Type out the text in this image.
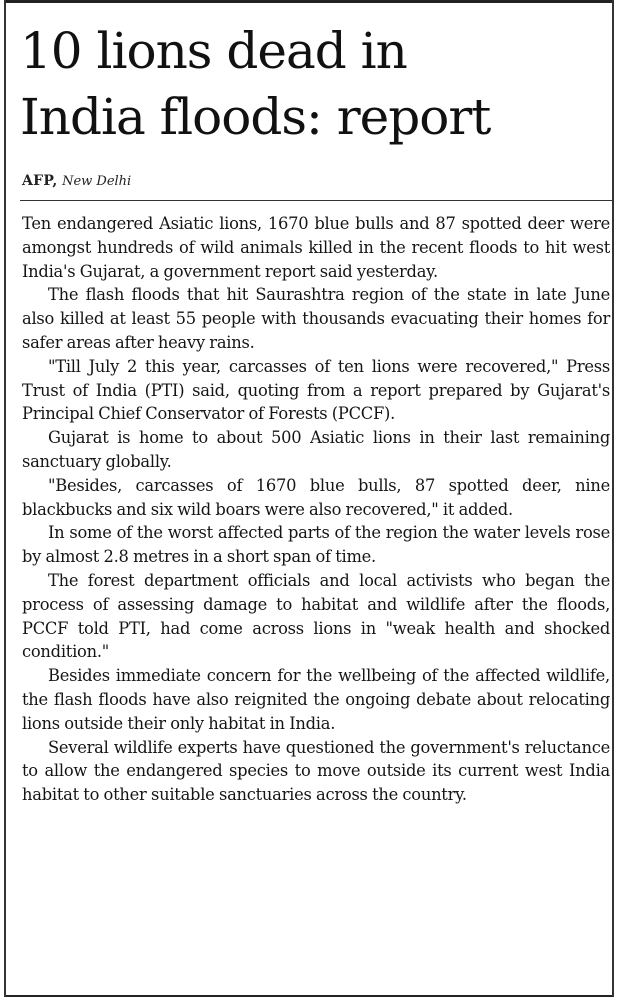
10 lions dead in
India floods: report
AFP, New Delhi

Ten endangered Asiatic lions, 1670 blue bulls and 87 spotted deer were amongst hundreds of wild animals killed in the recent floods to hit west India's Gujarat, a government report said yesterday.

The flash floods that hit Saurashtra region of the state in late June also killed at least 55 people with thousands evacuating their homes for safer areas after heavy rains.

"Till July 2 this year, carcasses of ten lions were recovered," Press Trust of India (PTI) said, quoting from a report prepared by Gujarat's Principal Chief Conservator of Forests (PCCF).

Gujarat is home to about 500 Asiatic lions in their last remaining sanctuary globally.

"Besides, carcasses of 1670 blue bulls, 87 spotted deer, nine blackbucks and six wild boars were also recovered," it added.

In some of the worst affected parts of the region the water levels rose by almost 2.8 metres in a short span of time.

The forest department officials and local activists who began the process of assessing damage to habitat and wildlife after the floods, PCCF told PTI, had come across lions in "weak health and shocked condition."

Besides immediate concern for the wellbeing of the affected wildlife, the flash floods have also reignited the ongoing debate about relocating lions outside their only habitat in India.

Several wildlife experts have questioned the government's reluctance to allow the endangered species to move outside its current west India habitat to other suitable sanctuaries across the country.
